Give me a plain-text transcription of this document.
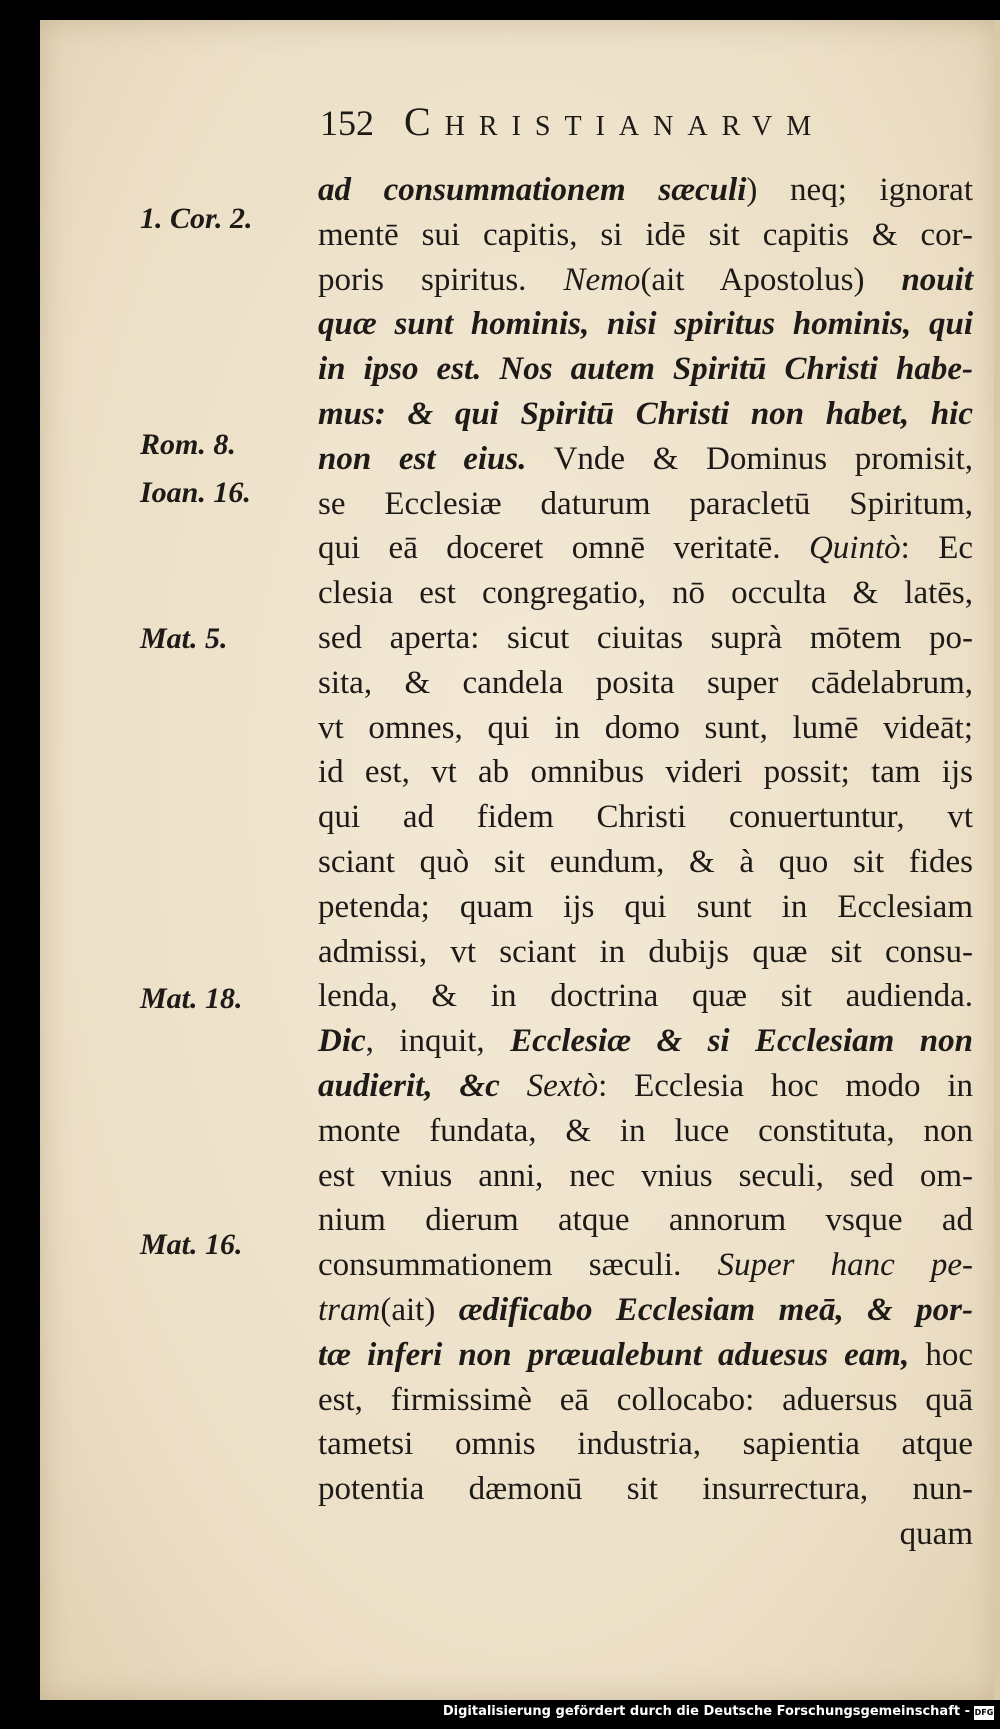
152 Christianarvm
1. Cor. 2.
Rom. 8.
Ioan. 16.
Mat. 5.
Mat. 18.
Mat. 16.
ad consummationem sæculi) neq; ignorat
mentē sui capitis, si idē sit capitis & cor-
poris spiritus. Nemo(ait Apostolus) nouit
quæ sunt hominis, nisi spiritus hominis, qui
in ipso est. Nos autem Spiritū Christi habe-
mus: & qui Spiritū Christi non habet, hic
non est eius. Vnde & Dominus promisit,
se Ecclesiæ daturum paracletū Spiritum,
qui eā doceret omnē veritatē. Quintò: Ec
clesia est congregatio, nō occulta & latēs,
sed aperta: sicut ciuitas suprà mōtem po-
sita, & candela posita super cādelabrum,
vt omnes, qui in domo sunt, lumē videāt;
id est, vt ab omnibus videri possit; tam ijs
qui ad fidem Christi conuertuntur, vt
sciant quò sit eundum, & à quo sit fides
petenda; quam ijs qui sunt in Ecclesiam
admissi, vt sciant in dubijs quæ sit consu-
lenda, & in doctrina quæ sit audienda.
Dic, inquit, Ecclesiæ & si Ecclesiam non
audierit, &c Sextò: Ecclesia hoc modo in
monte fundata, & in luce constituta, non
est vnius anni, nec vnius seculi, sed om-
nium dierum atque annorum vsque ad
consummationem sæculi. Super hanc pe-
tram(ait) ædificabo Ecclesiam meā, & por-
tæ inferi non præualebunt aduesus eam, hoc
est, firmissimè eā collocabo: aduersus quā
tametsi omnis industria, sapientia atque
potentia dæmonū sit insurrectura, nun-
quam
Digitalisierung gefördert durch die Deutsche Forschungsgemeinschaft - DFG
